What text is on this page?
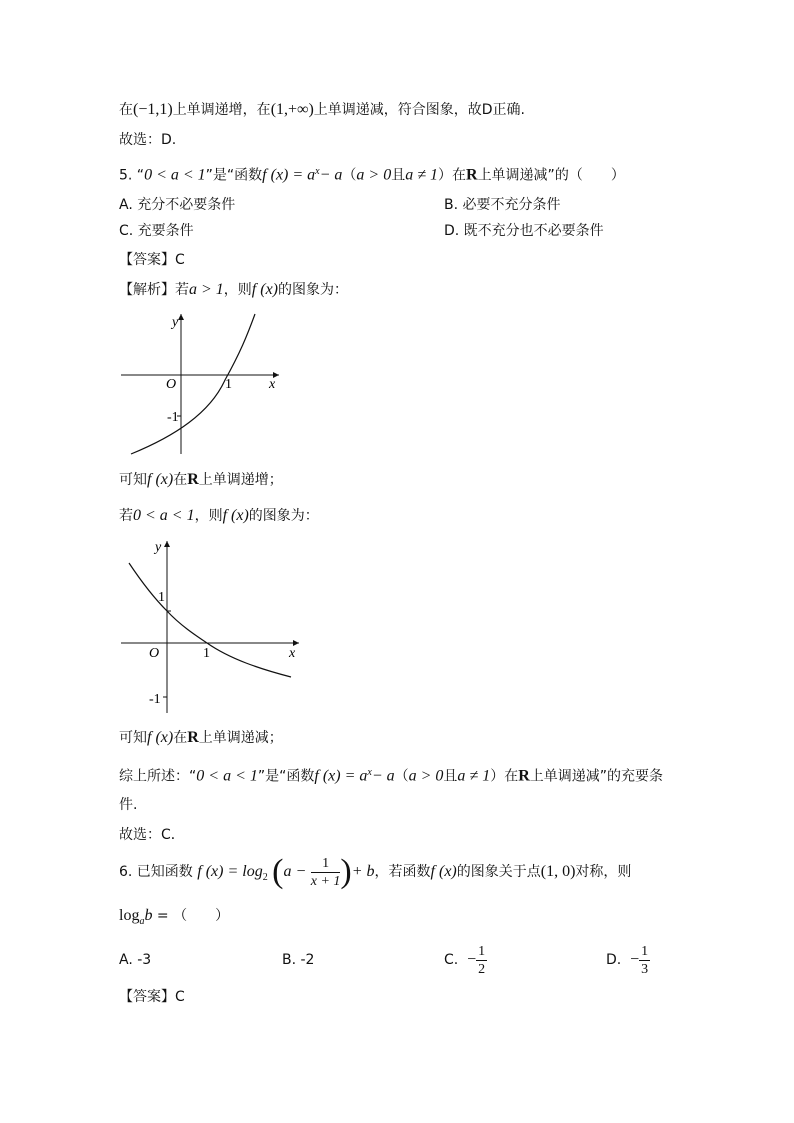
在(−1,1)上单调递增，在(1,+∞)上单调递减，符合图象，故D正确.
故选：D.
5. “0 < a < 1”是“函数f $(x) = a^x- a(a > 0$且a ≠ 1）在R上单调递减”的（　　）
A. 充分不必要条件	B. 必要不充分条件
C. 充要条件	D. 既不充分也不必要条件
【答案】C
【解析】若a > 1，则f (x)的图象为：
y
x
O	1
-1
可知f (x)在R上单调递增；
若0 < a < 1，则f (x)的图象为：
y
x
O	1
1
-1
可知f (x)在R上单调递减；
综上所述：“0 < a < 1”是“函数f $(x) = a^x- a(a > 0$且a ≠ 1）在R上单调递减”的充要条
件.
故选：C．
6. 已知函数 f $(x) = \log_2 (a - \frac{1}{x + 1}$ )+ b，若函数f (x)的图象关于点(1, 0)对称，则
$\log_ab$ = （　　）
A. -3	B. -2	C. − $\frac{1}{2}$	D. − $\frac{1}{3}$
【答案】C
